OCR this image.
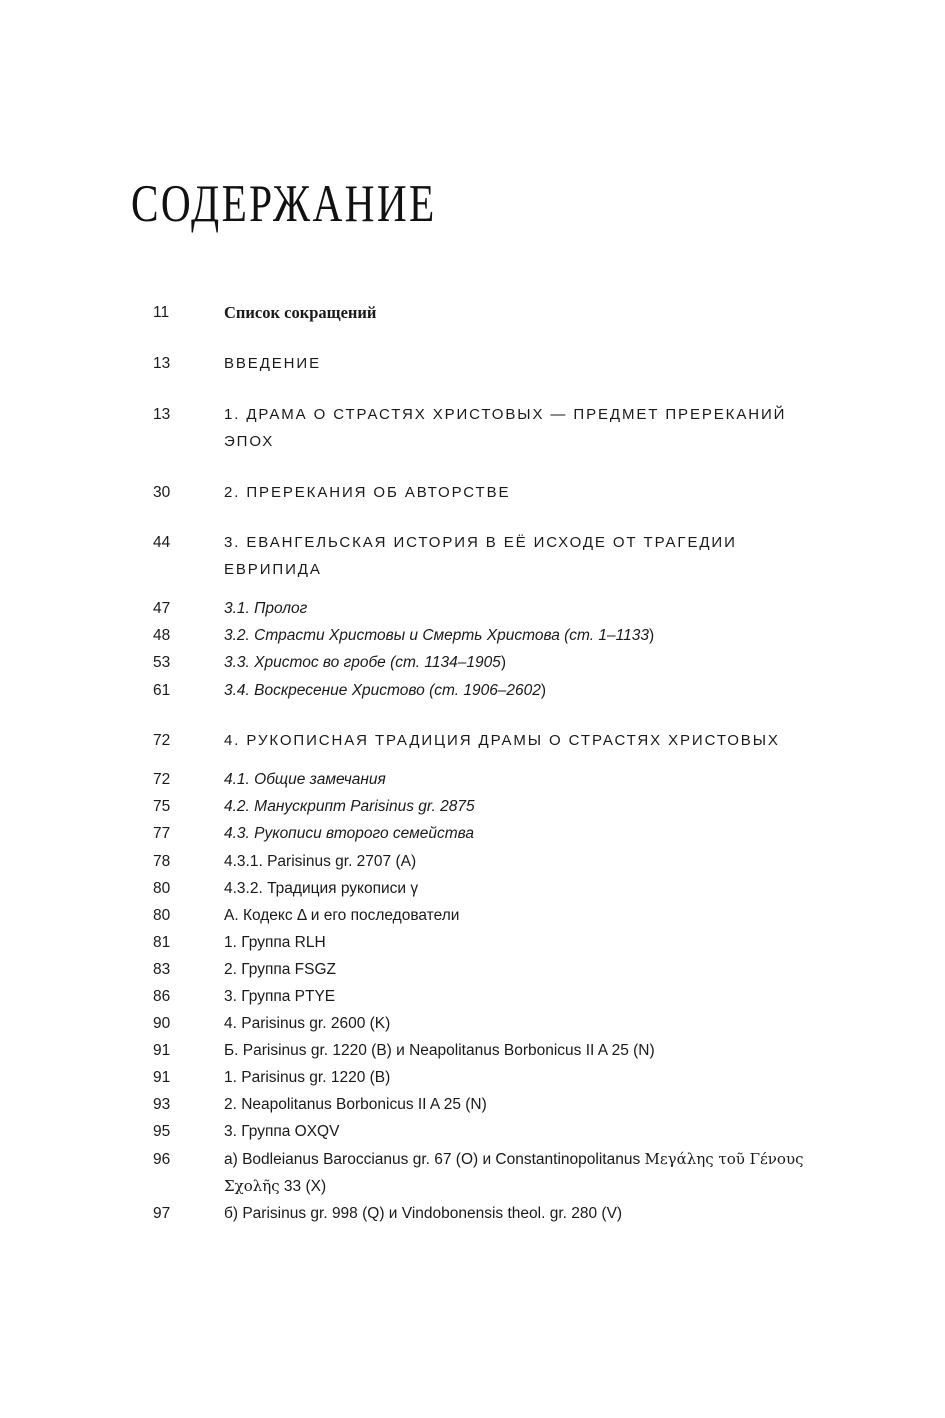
СОДЕРЖАНИЕ
11	Список сокращений
13	ВВЕДЕНИЕ
13	1. ДРАМА О СТРАСТЯХ ХРИСТОВЫХ — ПРЕДМЕТ ПРЕРЕКАНИЙ
ЭПОХ
30	2. ПРЕРЕКАНИЯ ОБ АВТОРСТВЕ
44	3. ЕВАНГЕЛЬСКАЯ ИСТОРИЯ В ЕЁ ИСХОДЕ ОТ ТРАГЕДИИ
ЕВРИПИДА
47	3.1. Пролог
48	3.2. Страсти Христовы и Смерть Христова (ст. 1–1133)
53	3.3. Христос во гробе (ст. 1134–1905)
61	3.4. Воскресение Христово (ст. 1906–2602)
72	4. РУКОПИСНАЯ ТРАДИЦИЯ ДРАМЫ О СТРАСТЯХ ХРИСТОВЫХ
72	4.1. Общие замечания
75	4.2. Манускрипт Parisinus gr. 2875
77	4.3. Рукописи второго семейства
78	4.3.1. Parisinus gr. 2707 (A)
80	4.3.2. Традиция рукописи γ
80	А. Кодекс Δ и его последователи
81	1. Группа RLH
83	2. Группа FSGZ
86	3. Группа PTYE
90	4. Parisinus gr. 2600 (K)
91	Б. Parisinus gr. 1220 (B) и Neapolitanus Borbonicus II A 25 (N)
91	1. Parisinus gr. 1220 (B)
93	2. Neapolitanus Borbonicus II A 25 (N)
95	3. Группа OXQV
96	а) Bodleianus Baroccianus gr. 67 (O) и Constantinopolitanus Μεγάλης τοῦ Γένους
Σχολῆς 33 (X)
97	б) Parisinus gr. 998 (Q) и Vindobonensis theol. gr. 280 (V)
